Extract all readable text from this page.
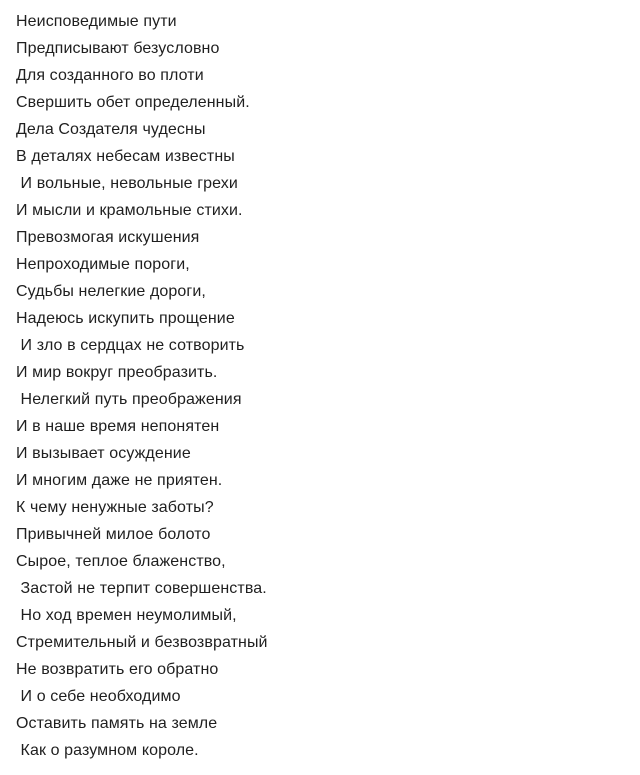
Неисповедимые пути
Предписывают безусловно
Для созданного во плоти
Свершить обет определенный.
Дела Создателя чудесны
В деталях небесам известны
И вольные, невольные грехи
И мысли и крамольные стихи.
Превозмогая искушения
Непроходимые пороги,
Судьбы нелегкие дороги,
Надеюсь искупить прощение
И зло в сердцах не сотворить
И мир вокруг преобразить.
Нелегкий путь преображения
И в наше время непонятен
И вызывает осуждение
И многим даже не приятен.
К чему ненужные заботы?
Привычней милое болото
Сырое, теплое блаженство,
Застой не терпит совершенства.
Но ход времен неумолимый,
Стремительный и безвозвратный
Не возвратить его обратно
И о себе необходимо
Оставить память на земле
Как о разумном короле.
